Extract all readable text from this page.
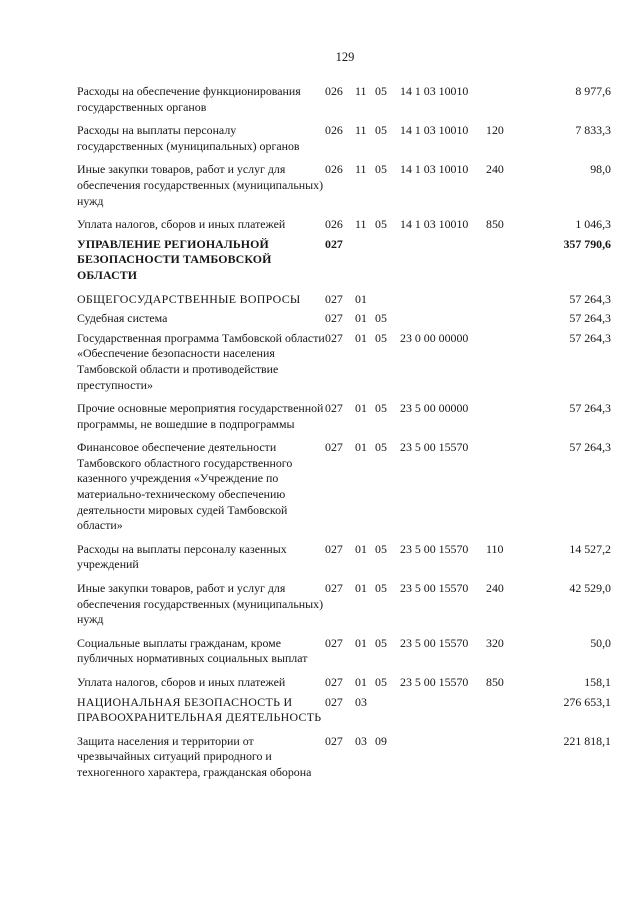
129
Расходы на обеспечение функционирования государственных органов
026	11 05	14 1 03 10010	8 977,6
Расходы на выплаты персоналу государственных (муниципальных) органов
026	11 05	14 1 03 10010	120	7 833,3
Иные закупки товаров, работ и услуг для обеспечения государственных (муниципальных) нужд
026	11 05	14 1 03 10010	240	98,0
Уплата налогов, сборов и иных платежей	026	11 05	14 1 03 10010	850	1 046,3
УПРАВЛЕНИЕ РЕГИОНАЛЬНОЙ БЕЗОПАСНОСТИ ТАМБОВСКОЙ ОБЛАСТИ
027	357 790,6
ОБЩЕГОСУДАРСТВЕННЫЕ ВОПРОСЫ	027	01	57 264,3
Судебная система	027	01 05	57 264,3
Государственная программа Тамбовской области «Обеспечение безопасности населения Тамбовской области и противодействие преступности»
027	01 05	23 0 00 00000	57 264,3
Прочие основные мероприятия государственной программы, не вошедшие в подпрограммы
027	01 05	23 5 00 00000	57 264,3
Финансовое обеспечение деятельности Тамбовского областного государственного казенного учреждения «Учреждение по материально-техническому обеспечению деятельности мировых судей Тамбовской области»
027	01 05	23 5 00 15570	57 264,3
Расходы на выплаты персоналу казенных учреждений
027	01 05	23 5 00 15570	110	14 527,2
Иные закупки товаров, работ и услуг для обеспечения государственных (муниципальных) нужд
027	01 05	23 5 00 15570	240	42 529,0
Социальные выплаты гражданам, кроме публичных нормативных социальных выплат
027	01 05	23 5 00 15570	320	50,0
Уплата налогов, сборов и иных платежей	027	01 05	23 5 00 15570	850	158,1
НАЦИОНАЛЬНАЯ БЕЗОПАСНОСТЬ И ПРАВООХРАНИТЕЛЬНАЯ ДЕЯТЕЛЬНОСТЬ
027	03	276 653,1
Защита населения и территории от чрезвычайных ситуаций природного и техногенного характера, гражданская оборона
027	03 09	221 818,1
